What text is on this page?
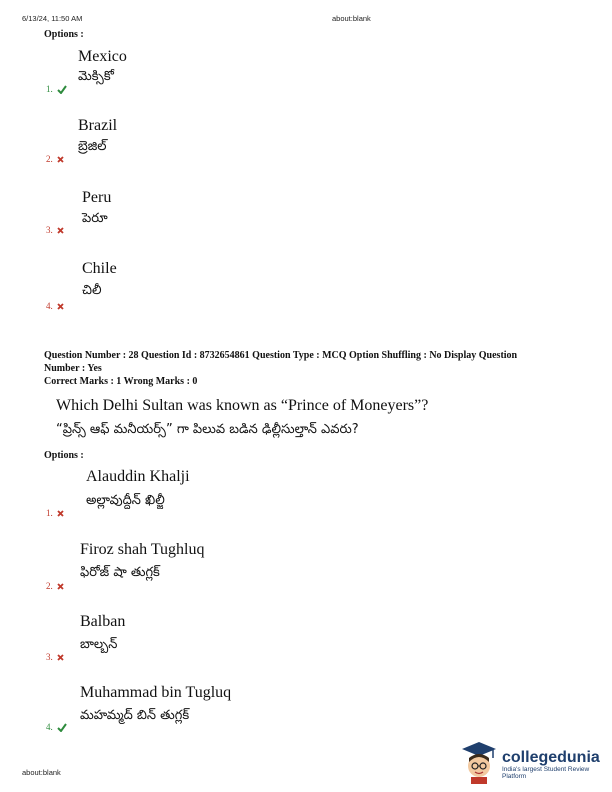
6/13/24, 11:50 AM	about:blank
Options :
Mexico
మెక్సికో
1.
Brazil
బ్రెజిల్
2.
Peru
పెరూ
3.
Chile
చిలీ
4.
Question Number : 28 Question Id : 8732654861 Question Type : MCQ Option Shuffling : No Display Question
Number : Yes
Correct Marks : 1 Wrong Marks : 0
Which Delhi Sultan was known as “Prince of Moneyers”?
“ప్రిన్స్ ఆఫ్ మనీయర్స్” గా పిలువ బడిన ఢిల్లీసుల్తాన్ ఎవరు?
Options :
Alauddin Khalji
అల్లావుద్దీన్ ఖిల్జీ
1.
Firoz shah Tughluq
ఫిరోజ్ షా తుగ్లక్
2.
Balban
బాల్బన్
3.
Muhammad bin Tugluq
మహమ్మద్ బిన్ తుగ్లక్
4.
about:blank
collegedunia
India's largest Student Review Platform
